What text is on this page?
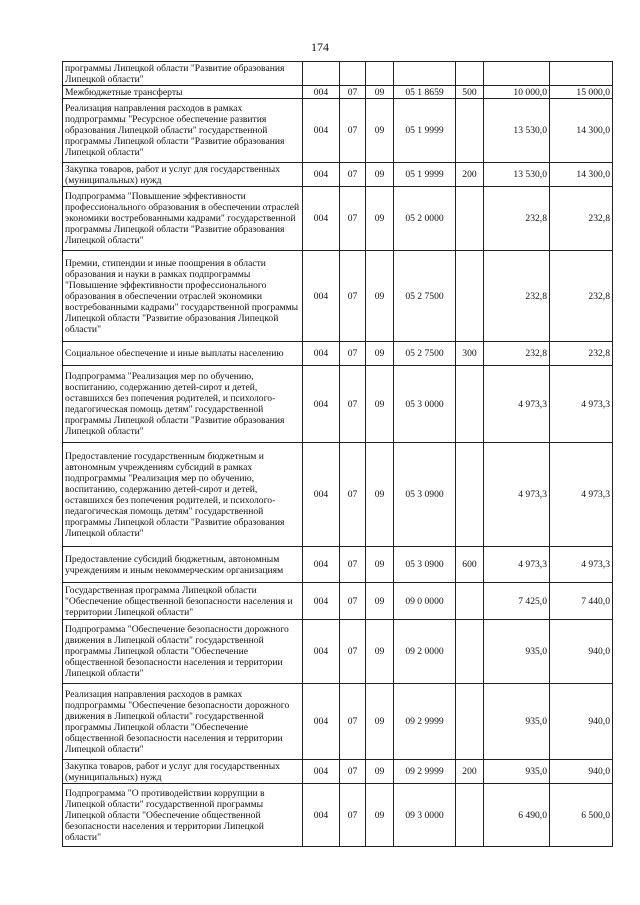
174
программы Липецкой области "Развитие образования Липецкой области"							
Межбюджетные трансферты	004	07	09	05 1 8659	500	10 000,0	15 000,0
Реализация направления расходов в рамках подпрограммы "Ресурсное обеспечение развития образования Липецкой области" государственной программы Липецкой области "Развитие образования Липецкой области"	004	07	09	05 1 9999		13 530,0	14 300,0
Закупка товаров, работ и услуг для государственных (муниципальных) нужд	004	07	09	05 1 9999	200	13 530,0	14 300,0
Подпрограмма "Повышение эффективности профессионального образования в обеспечении отраслей экономики востребованными кадрами" государственной программы Липецкой области "Развитие образования Липецкой области"	004	07	09	05 2 0000		232,8	232,8
Премии, стипендии и иные поощрения в области образования и науки в рамках подпрограммы "Повышение эффективности профессионального образования в обеспечении отраслей экономики востребованными кадрами" государственной программы Липецкой области "Развитие образования Липецкой области"	004	07	09	05 2 7500		232,8	232,8
Социальное обеспечение и иные выплаты населению	004	07	09	05 2 7500	300	232,8	232,8
Подпрограмма "Реализация мер по обучению, воспитанию, содержанию детей-сирот и детей, оставшихся без попечения родителей, и психолого-педагогическая помощь детям" государственной программы Липецкой области "Развитие образования Липецкой области"	004	07	09	05 3 0000		4 973,3	4 973,3
Предоставление государственным бюджетным и автономным учреждениям субсидий в рамках подпрограммы "Реализация мер по обучению, воспитанию, содержанию детей-сирот и детей, оставшихся без попечения родителей, и психолого-педагогическая помощь детям" государственной программы Липецкой области "Развитие образования Липецкой области"	004	07	09	05 3 0900		4 973,3	4 973,3
Предоставление субсидий бюджетным, автономным учреждениям и иным некоммерческим организациям	004	07	09	05 3 0900	600	4 973,3	4 973,3
Государственная программа Липецкой области "Обеспечение общественной безопасности населения и территории Липецкой области"	004	07	09	09 0 0000		7 425,0	7 440,0
Подпрограмма "Обеспечение безопасности дорожного движения в Липецкой области" государственной программы Липецкой области "Обеспечение общественной безопасности населения и территории Липецкой области"	004	07	09	09 2 0000		935,0	940,0
Реализация направления расходов в рамках подпрограммы "Обеспечение безопасности дорожного движения в Липецкой области" государственной программы Липецкой области "Обеспечение общественной безопасности населения и территории Липецкой области"	004	07	09	09 2 9999		935,0	940,0
Закупка товаров, работ и услуг для государственных (муниципальных) нужд	004	07	09	09 2 9999	200	935,0	940,0
Подпрограмма "О противодействии коррупции в Липецкой области" государственной программы Липецкой области "Обеспечение общественной безопасности населения и территории Липецкой области"	004	07	09	09 3 0000		6 490,0	6 500,0
